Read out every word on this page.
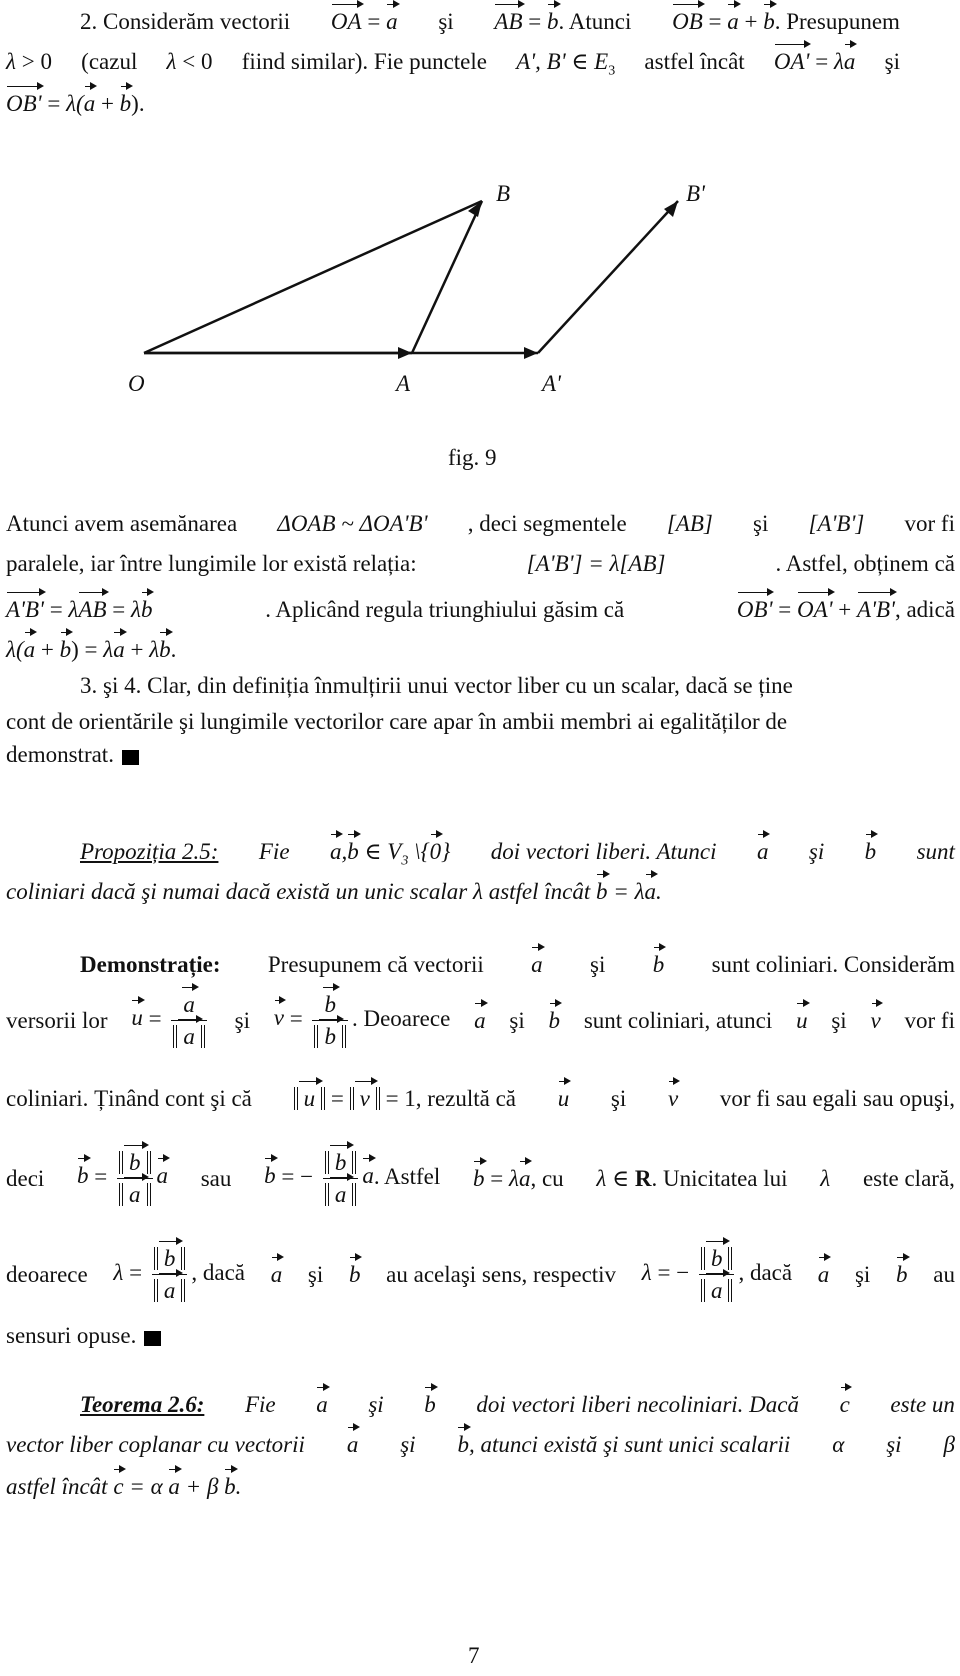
2. Considerăm vectorii OA = a şi AB = b. Atunci OB = a + b. Presupunem
λ > 0 (cazul λ < 0 fiind similar). Fie punctele A', B' ∈ $E_3$ astfel încât OA' = λa şi
OB' = λ(a + b).
B	B'
O	A	A'
fig. 9
Atunci avem asemănarea ΔOAB ~ ΔOA'B' , deci segmentele [AB] şi [A'B'] vor fi
paralele, iar între lungimile lor există relația:	[A'B'] = λ[AB]	. Astfel, obținem că
A'B' = λAB = λb	. Aplicând regula triunghiului găsim că	OB' = OA' + A'B', adică
λ(a + b) = λa + λb.
3. şi 4. Clar, din definiția înmulțirii unui vector liber cu un scalar, dacă se ține
cont de orientările şi lungimile vectorilor care apar în ambii membri ai egalităților de
demonstrat.
Propoziția 2.5: Fie a,b ∈ $V_3$ \{0} doi vectori liberi. Atunci a şi b sunt
coliniari dacă şi numai dacă există un unic scalar λ astfel încât b = λa.
Demonstrație: Presupunem că vectorii a şi b sunt coliniari. Considerăm
versorii lor $u = \frac{a}{a}$ şi $v = \frac{b}{b}$ . Deoarece a şi b sunt coliniari, atunci u şi v vor fi
coliniari. Ținând cont şi că	u = v = 1, rezultă că u şi v vor fi sau egali sau opuşi,
deci $b = \frac{b}{a}$ a sau b = − $\frac{b}{a} a$. Astfel b = λa, cu λ ∈ R. Unicitatea lui λ este clară,
deoarece $\lambda = \frac{b}{a}$ , dacă a şi b au acelaşi sens, respectiv λ = − $\frac{b}{a}$ , dacă a şi b au
sensuri opuse.
Teorema 2.6: Fie a şi b doi vectori liberi necoliniari. Dacă c este un
vector liber coplanar cu vectorii a şi b, atunci există şi sunt unici scalarii α şi β
astfel încât c = α a + β b.
7
